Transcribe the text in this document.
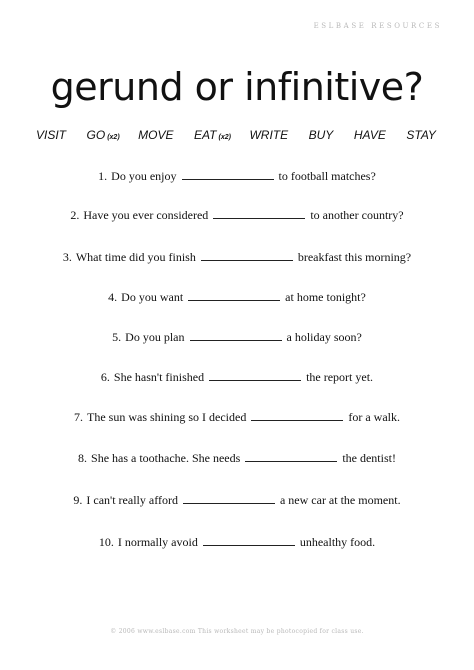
ESLBASE RESOURCES
gerund or infinitive?
VISIT GO (x2) MOVE EAT (x2) WRITE BUY HAVE STAY
1. Do you enjoy	to football matches?
2. Have you ever considered	to another country?
3. What time did you finish	breakfast this morning?
4. Do you want	at home tonight?
5. Do you plan	a holiday soon?
6. She hasn't finished	the report yet.
7. The sun was shining so I decided	for a walk.
8. She has a toothache. She needs	the dentist!
9. I can't really afford	a new car at the moment.
10. I normally avoid	unhealthy food.
© 2006 www.eslbase.com This worksheet may be photocopied for class use.
